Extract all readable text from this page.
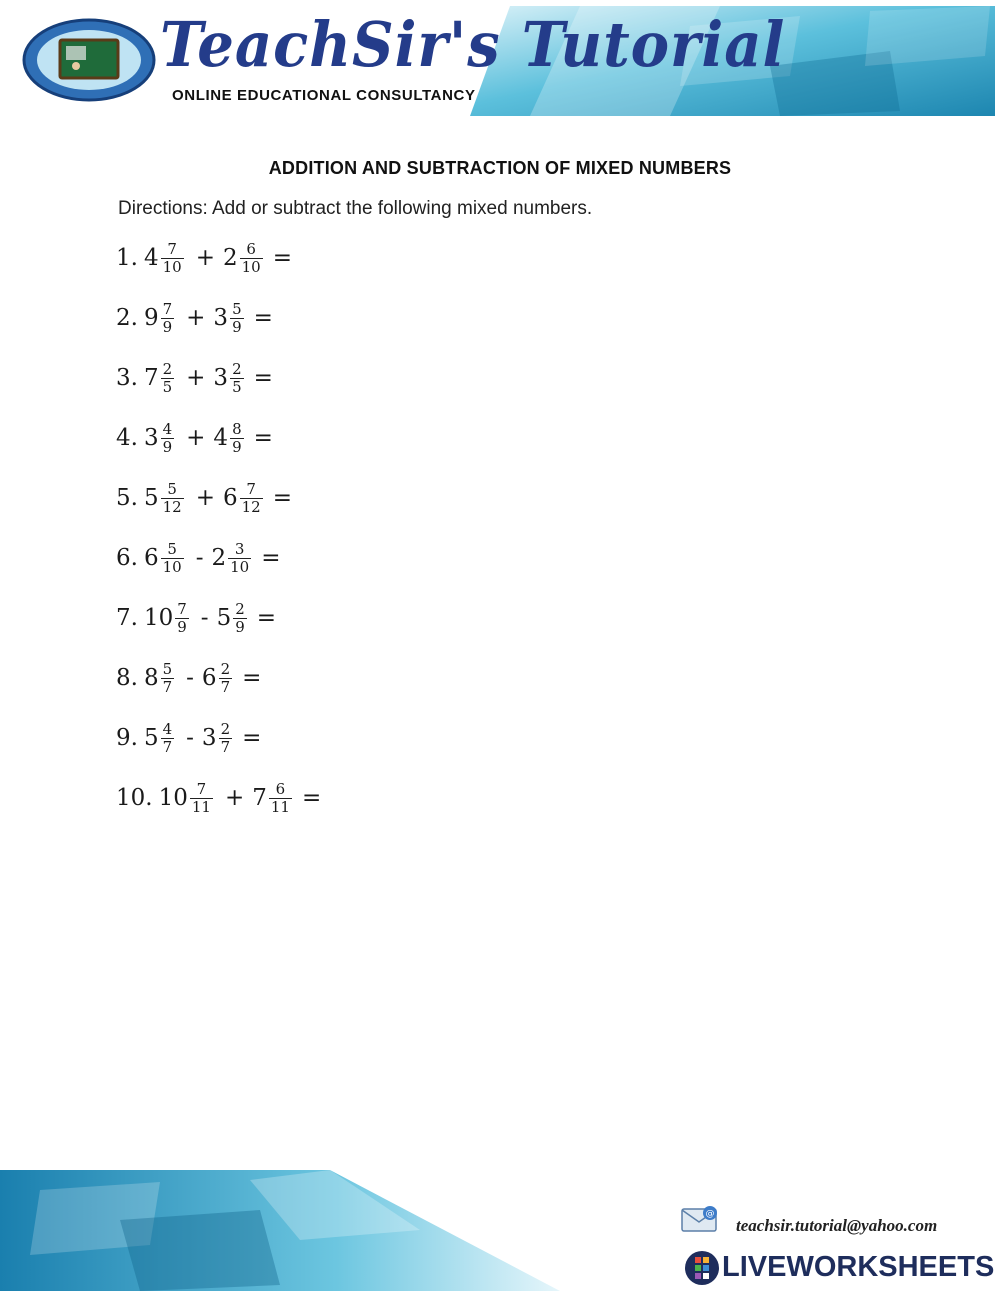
TeachSir's Tutorial
ONLINE EDUCATIONAL CONSULTANCY
ADDITION AND SUBTRACTION OF MIXED NUMBERS
Directions: Add or subtract the following mixed numbers.
1. $4 \frac{7}{10} + 2 \frac{6}{10}$ =
2. $9 \frac{7}{9} + 3 \frac{5}{9}$ =
3. $7 \frac{2}{5} + 3 \frac{2}{5}$ =
4. $3 \frac{4}{9} + 4 \frac{8}{9}$ =
5. $5 \frac{5}{12} + 6 \frac{7}{12}$ =
6. $6 \frac{5}{10} - 2 \frac{3}{10}$ =
7. $10 \frac{7}{9} - 5 \frac{2}{9}$ =
8. $8 \frac{5}{7} - 6 \frac{2}{7}$ =
9. $5 \frac{4}{7} - 3 \frac{2}{7}$ =
10. $10 \frac{7}{11} + 7 \frac{6}{11}$ =
@
teachsir.tutorial@yahoo.com
LIVEWORKSHEETS
